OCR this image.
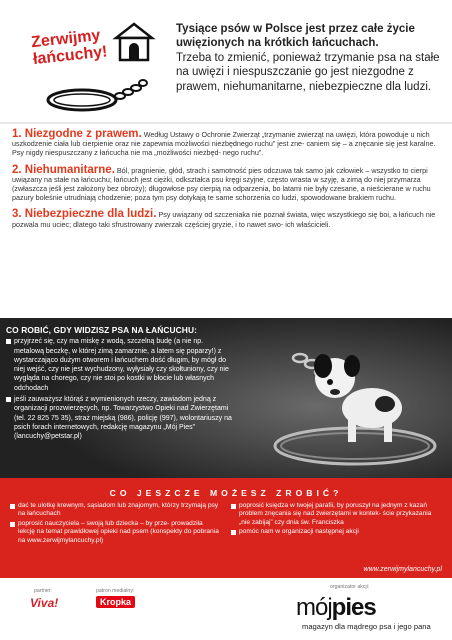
Zerwijmy łańcuchy!

Tysiące psów w Polsce jest przez całe życie uwięzionych na krótkich łańcuchach.

Trzeba to zmienić, ponieważ trzymanie psa na stałe na uwięzi i niespuszczanie go jest niezgodne z prawem, niehumanitarne, niebezpieczne dla ludzi.

1. Niezgodne z prawem. Według Ustawy o Ochronie Zwierząt „trzymanie zwierząt na uwięzi, która powoduje u nich uszkodzenie ciała lub cierpienie oraz nie zapewnia możliwości niezbędnego ruchu” jest zne- caniem się – a znęcanie się jest karalne. Psy nigdy niespuszczany z łańcucha nie ma „możliwości niezbęd- nego ruchu”.
2. Niehumanitarne. Ból, pragnienie, głód, strach i samotność pies odczuwa tak samo jak człowiek – wszystko to cierpi uwiązany na stałe na łańcuchu; łańcuch jest ciężki, odkształca psu kręgi szyjne, często wrasta w szyję, a zimą do niej przymarza (zwłaszcza jeśli jest założony bez obroży); długowłose psy cierpią na odparzenia, bo latami nie były czesane, a nieścierane w ruchu pazury boleśnie utrudniają chodzenie; poza tym psy dotykają te same schorzenia co ludzi, spowodowane brakiem ruchu.
3. Niebezpieczne dla ludzi. Psy uwiązany od szczeniaka nie poznał świata, więc wszystkiego się boi, a łańcuch nie pozwala mu uciec; dlatego taki sfrustrowany zwierzak częściej gryzie, i to nawet swo- ich właścicieli.
CO ROBIĆ, GDY WIDZISZ PSA NA ŁAŃCUCHU:
przyjrzeć się, czy ma miskę z wodą, szczelną budę (a nie np. metalową beczkę, w której zimą zamarznie, a latem się poparzy!) z wystarczająco dużym otworem i łańcuchem dość długim, by mógł do niej wejść, czy nie jest wychudzony, wyłysiały czy skołtuniony, czy nie wygląda na chorego, czy nie stoi po kostki w błocie lub własnych odchodach
jeśli zauważysz którąś z wymienionych rzeczy, zawiadom jedną z organizacji prozwierzęcych, np. Towarzystwo Opieki nad Zwierzętami (tel. 22 825 75 35), straż miejską (986), policję (997), wolontariuszy na psich forach internetowych, redakcję magazynu „Mój Pies” (lancuchy@petstar.pl)
CO JESZCZE MOŻESZ ZROBIĆ?
dać te ulotkę krewnym, sąsiadom lub znajomym, którzy trzymają psy na łańcuchach
poprosić nauczyciela – swoją lub dziecka – by prze- prowadziła lekcję na temat prawidłowej opieki nad psem (konspekty do pobrania na www.zerwijmylancuchy.pl)
poprosić księdza w twojej parafii, by poruszył na jednym z kazań problem znęcania się nad zwierzętami w kontek- ście przykazania „nie zabijaj” czy dnia św. Franciszka
pomóc nam w organizacji następnej akcji
www.zerwijmylancuchy.pl
partner:
Viva!
patron medialny:
Kropka
organizator akcji:
mójpies
magazyn dla mądrego psa i jego pana
